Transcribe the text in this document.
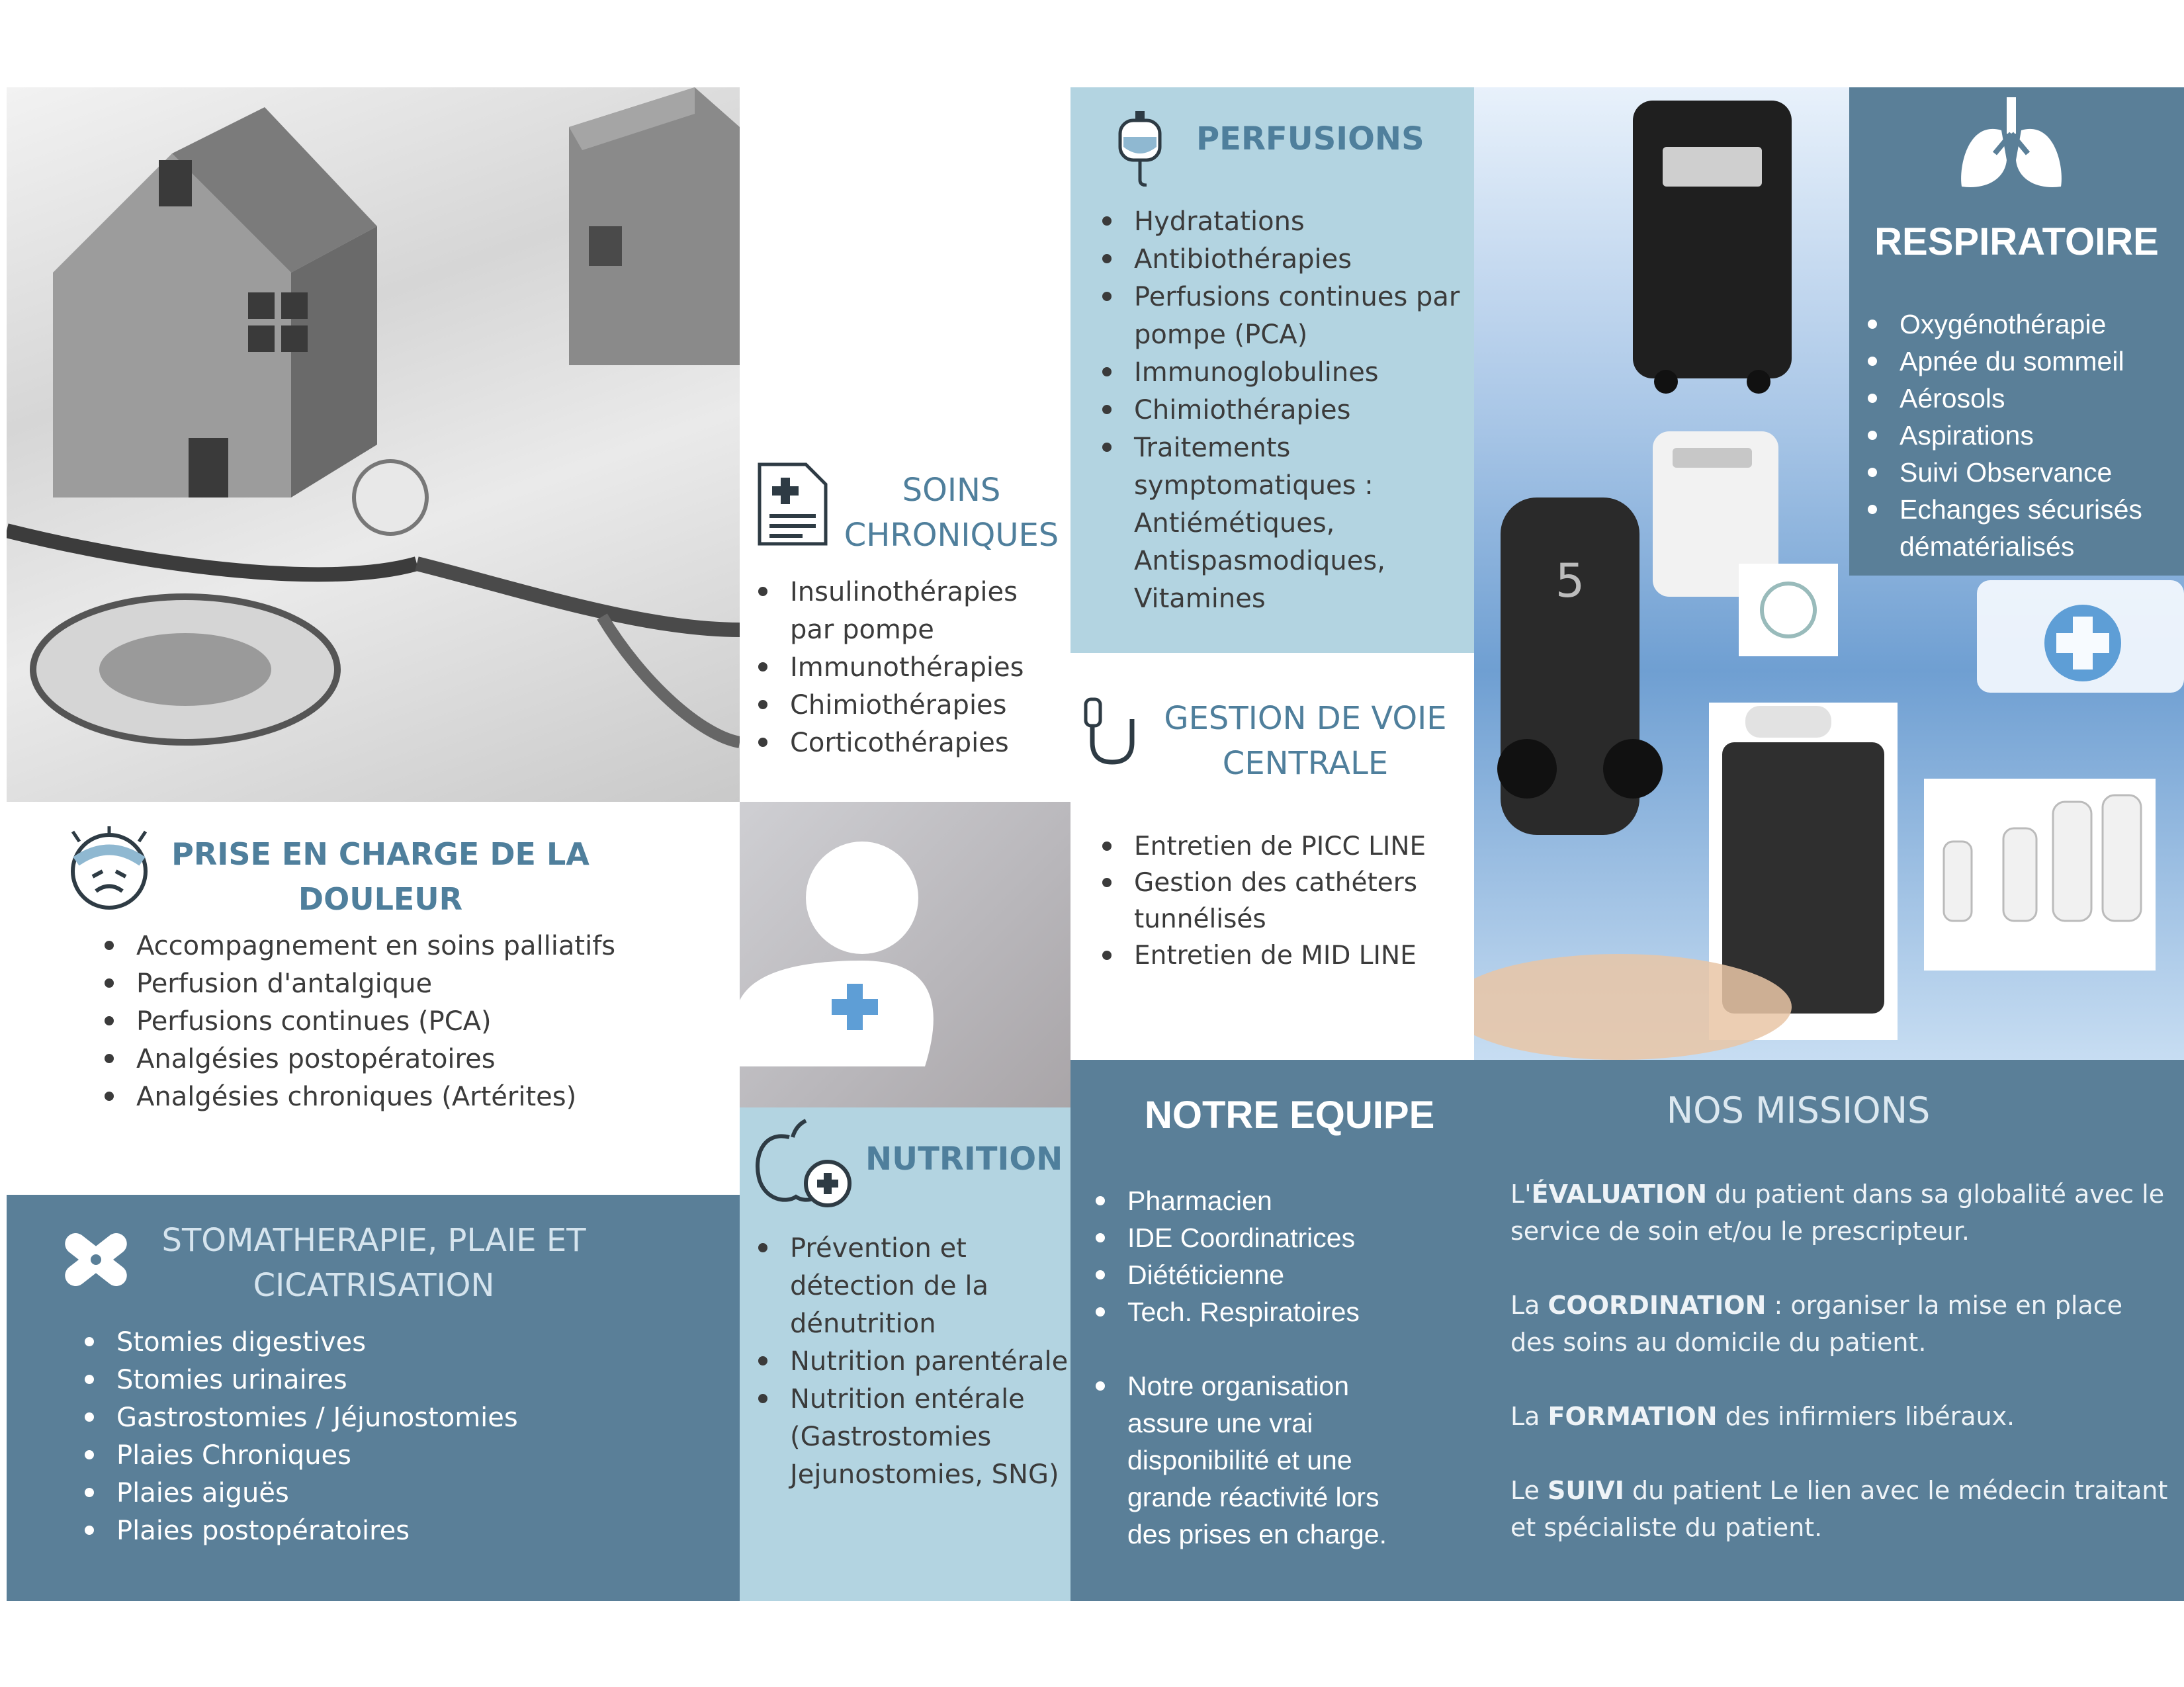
5
PERFUSIONS
Hydratations
Antibiothérapies
Perfusions continues par pompe (PCA)
Immunoglobulines
Chimiothérapies
Traitements symptomatiques : Antiémétiques, Antispasmodiques, Vitamines
SOINS
CHRONIQUES
Insulinothérapies par pompe
Immunothérapies
Chimiothérapies
Corticothérapies
RESPIRATOIRE
Oxygénothérapie
Apnée du sommeil
Aérosols
Aspirations
Suivi Observance
Echanges sécurisés dématérialisés
GESTION DE VOIE
CENTRALE
Entretien de PICC LINE
Gestion des cathéters tunnélisés
Entretien de MID LINE
PRISE EN CHARGE DE LA
DOULEUR
Accompagnement en soins palliatifs
Perfusion d'antalgique
Perfusions continues (PCA)
Analgésies postopératoires
Analgésies chroniques (Artérites)
STOMATHERAPIE, PLAIE ET
CICATRISATION
Stomies digestives
Stomies urinaires
Gastrostomies / Jéjunostomies
Plaies Chroniques
Plaies aiguës
Plaies postopératoires
NUTRITION
Prévention et détection de la dénutrition
Nutrition parentérale
Nutrition entérale (Gastrostomies Jejunostomies, SNG)
NOTRE EQUIPE
Pharmacien
IDE Coordinatrices
Diététicienne
Tech. Respiratoires
Notre organisation assure une vrai disponibilité et une grande réactivité lors des prises en charge.
NOS MISSIONS

L'ÉVALUATION du patient dans sa globalité avec le service de soin et/ou le prescripteur.

La COORDINATION : organiser la mise en place des soins au domicile du patient.

La FORMATION des infirmiers libéraux.

Le SUIVI du patient Le lien avec le médecin traitant et spécialiste du patient.
